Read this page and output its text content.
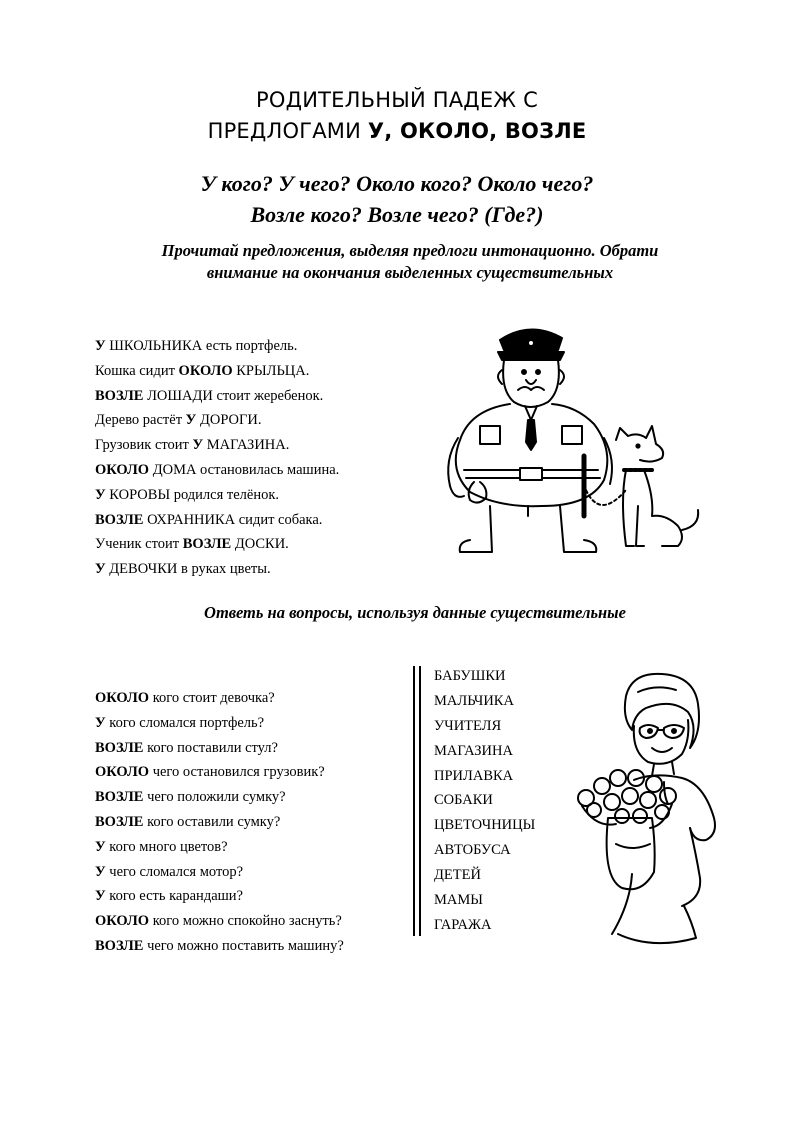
РОДИТЕЛЬНЫЙ ПАДЕЖ С
ПРЕДЛОГАМИ У, ОКОЛО, ВОЗЛЕ
У кого? У чего? Около кого? Около чего?
Возле кого? Возле чего? (Где?)
Прочитай предложения, выделяя предлоги интонационно. Обрати
внимание на окончания выделенных существительных
У ШКОЛЬНИКА есть портфель.
Кошка сидит ОКОЛО КРЫЛЬЦА.
ВОЗЛЕ ЛОШАДИ стоит жеребенок.
Дерево растёт У ДОРОГИ.
Грузовик стоит У МАГАЗИНА.
ОКОЛО ДОМА остановилась машина.
У КОРОВЫ родился телёнок.
ВОЗЛЕ ОХРАННИКА сидит собака.
Ученик стоит ВОЗЛЕ ДОСКИ.
У ДЕВОЧКИ в руках цветы.
Ответь на вопросы, используя данные существительные
ОКОЛО кого стоит девочка?
У кого сломался портфель?
ВОЗЛЕ кого поставили стул?
ОКОЛО чего остановился грузовик?
ВОЗЛЕ чего положили сумку?
ВОЗЛЕ кого оставили сумку?
У кого много цветов?
У чего сломался мотор?
У кого есть карандаши?
ОКОЛО кого можно спокойно заснуть?
ВОЗЛЕ чего можно поставить машину?
БАБУШКИ
МАЛЬЧИКА
УЧИТЕЛЯ
МАГАЗИНА
ПРИЛАВКА
СОБАКИ
ЦВЕТОЧНИЦЫ
АВТОБУСА
ДЕТЕЙ
МАМЫ
ГАРАЖА
